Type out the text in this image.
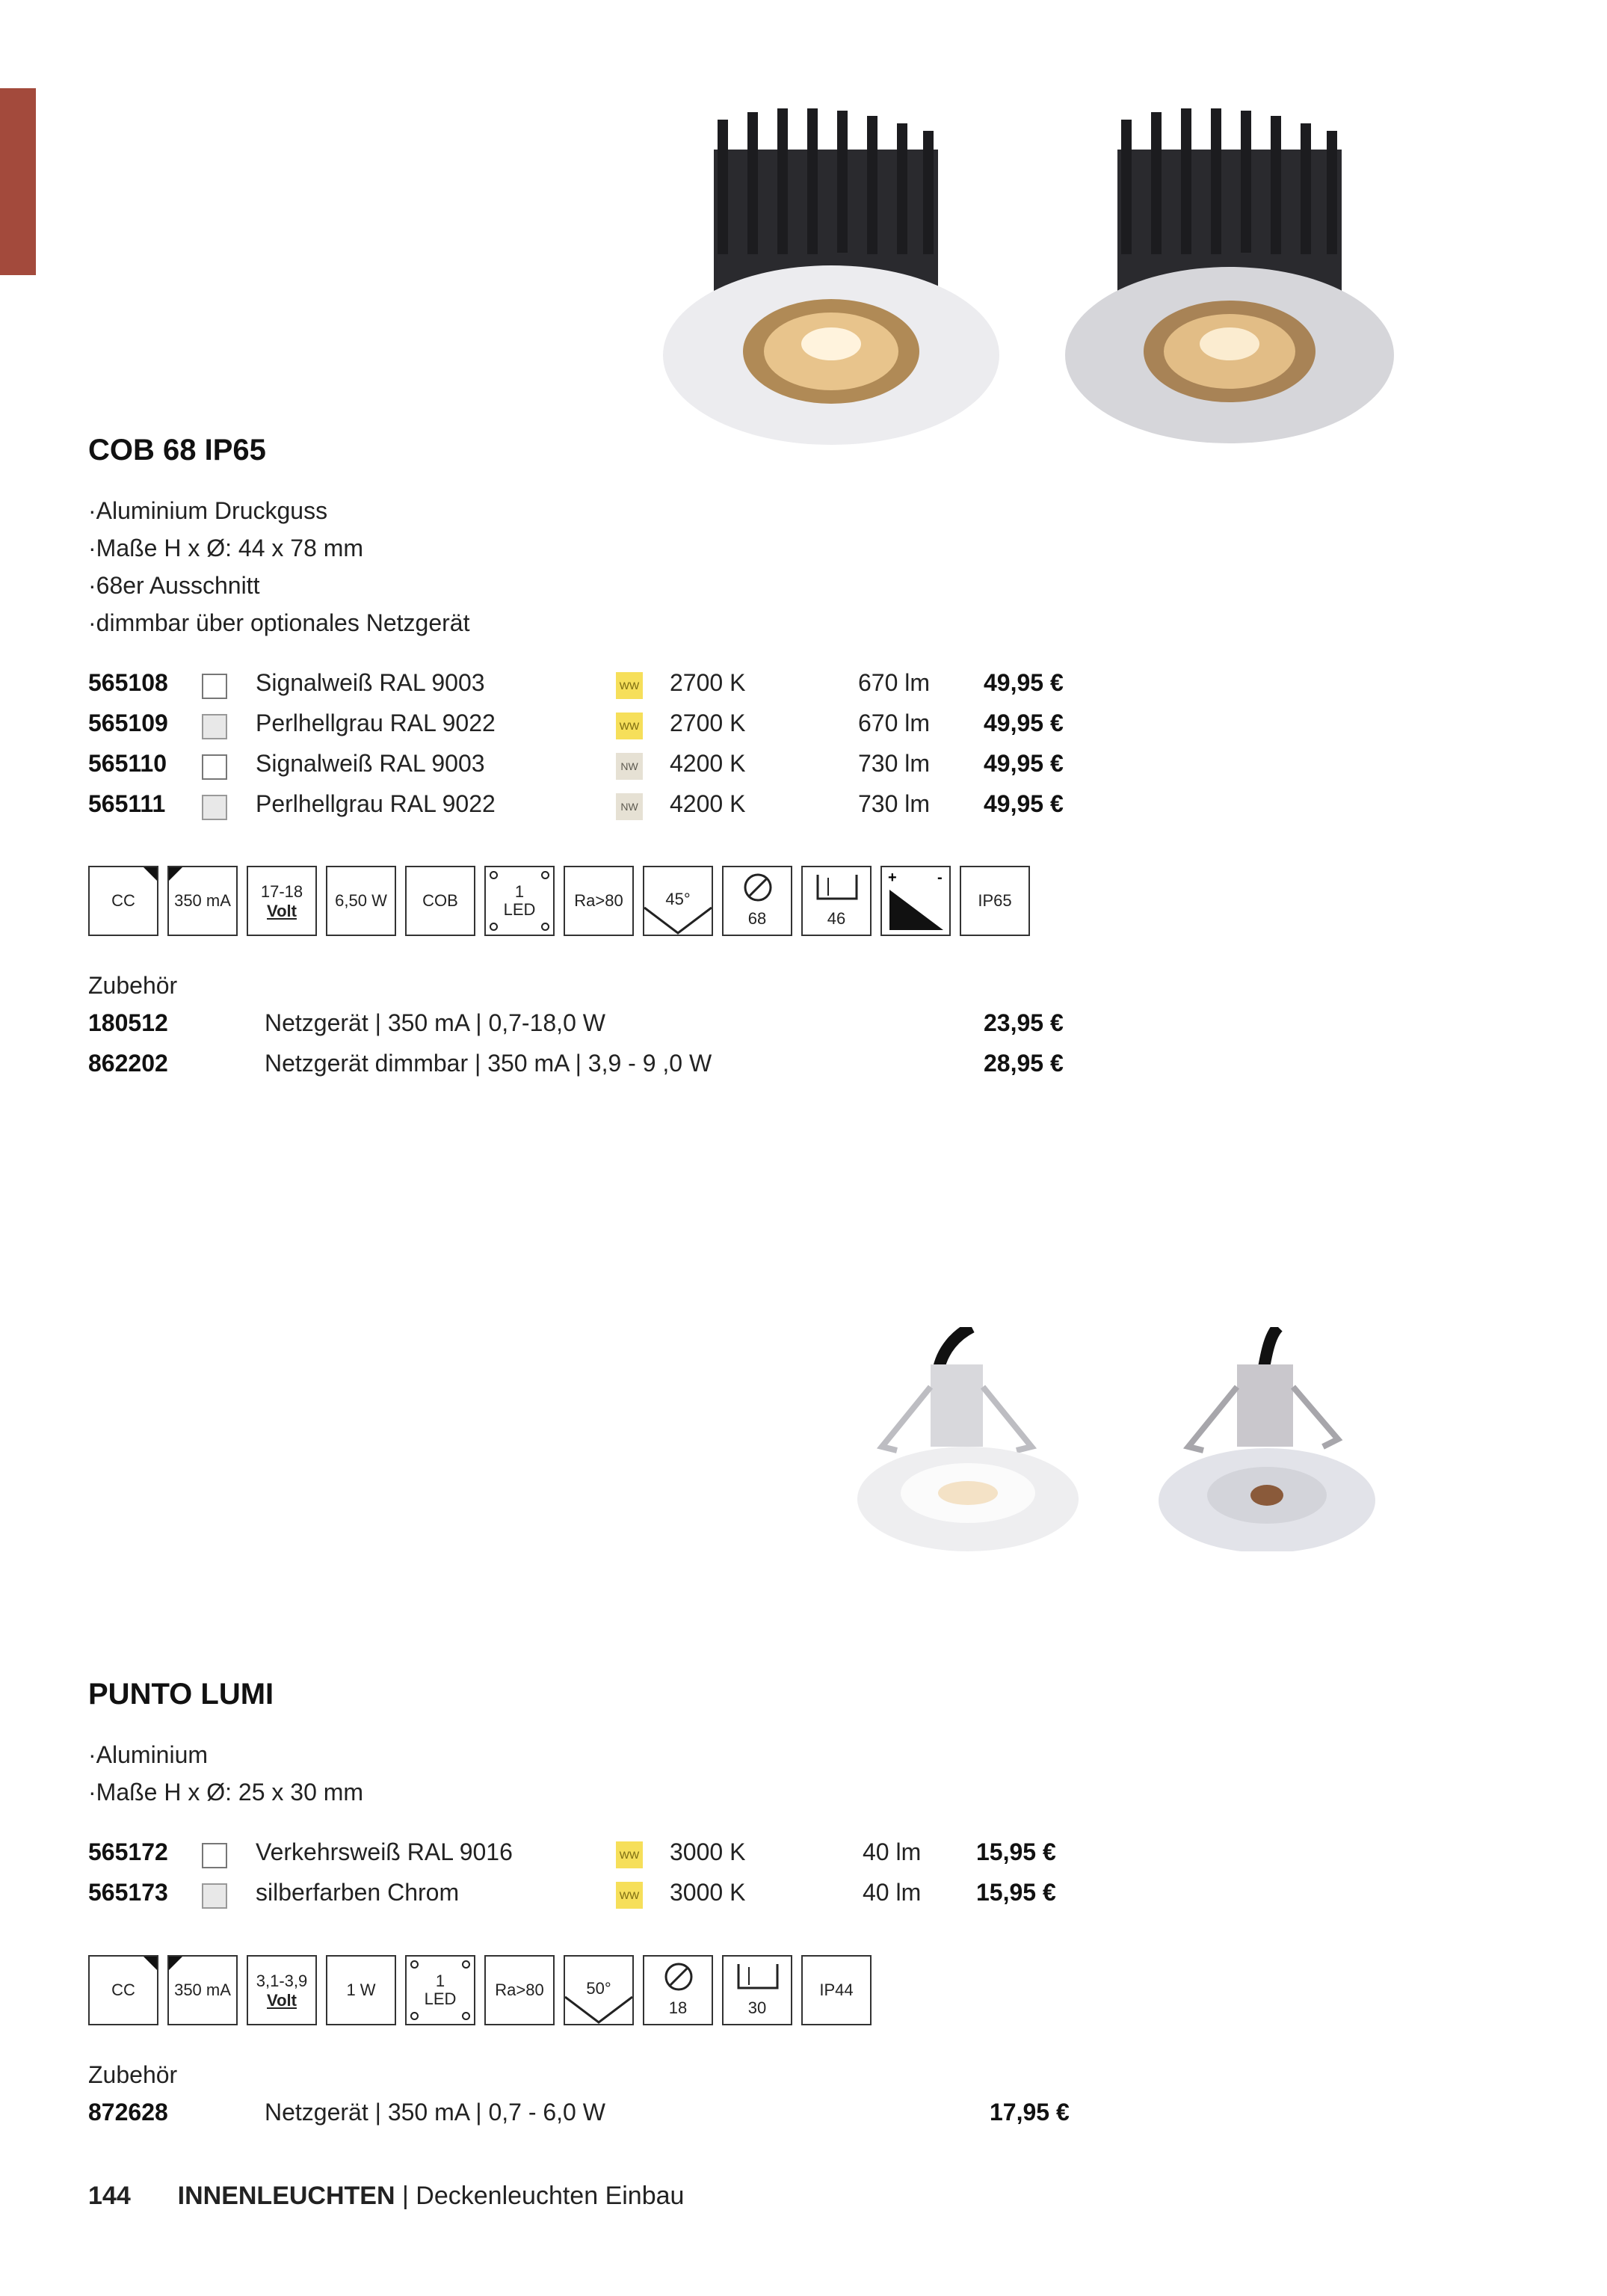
COB 68 IP65
· Aluminium Druckguss
· Maße H x Ø: 44 x 78 mm
· 68er Ausschnitt
· dimmbar über optionales Netzgerät
565108	Signalweiß RAL 9003	WW 2700 K	670 lm 49,95 €
565109	Perlhellgrau RAL 9022	WW 2700 K	670 lm 49,95 €
565110	Signalweiß RAL 9003	NW 4200 K	730 lm 49,95 €
565111	Perlhellgrau RAL 9022	NW 4200 K	730 lm 49,95 €
CC	350 mA	17-18
Volt
6,50 W	COB	1
LED	Ra>80	45°
68	46
+	-
IP65
Zubehör
180512	Netzgerät | 350 mA | 0,7-18,0 W	23,95 €
862202	Netzgerät dimmbar | 350 mA | 3,9 - 9 ,0 W	28,95 €
PUNTO LUMI
· Aluminium
· Maße H x Ø: 25 x 30 mm
565172	Verkehrsweiß RAL 9016	WW 3000 K	40 lm 15,95 €
565173	silberfarben Chrom	WW 3000 K	40 lm 15,95 €
CC	350 mA	3,1-3,9
Volt
1 W	1
LED	Ra>80	50°
18	30
IP44
Zubehör
872628	Netzgerät | 350 mA | 0,7 - 6,0 W	17,95 €
144 INNENLEUCHTEN | Deckenleuchten Einbau
